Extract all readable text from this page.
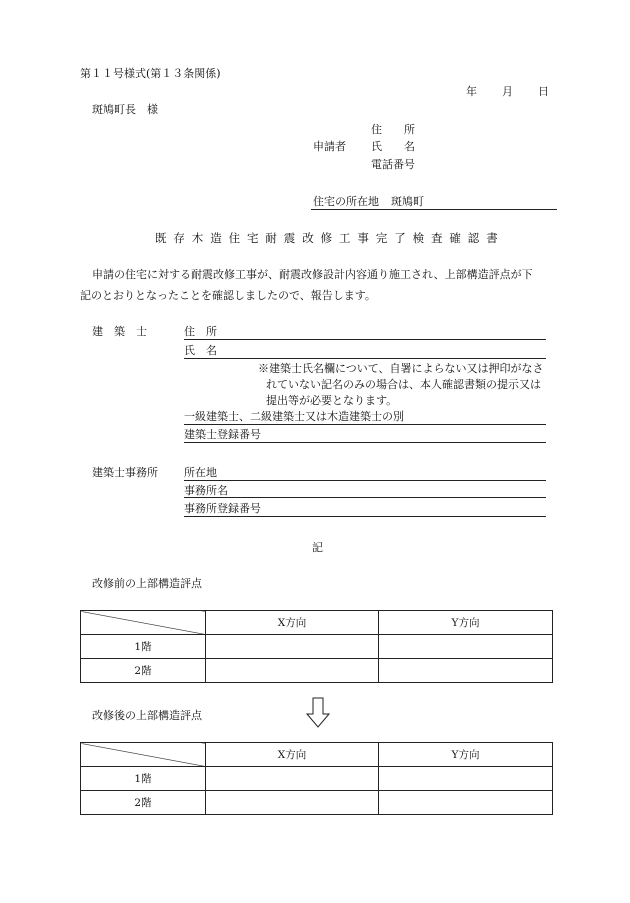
第１１号様式(第１３条関係)
年 月 日
斑鳩町長　様
住　　所
申請者 氏　　名
電話番号
住宅の所在地 斑鳩町
既存木造住宅耐震改修工事完了検査確認書
申請の住宅に対する耐震改修工事が、耐震改修設計内容通り施工され、上部構造評点が下
記のとおりとなったことを確認しましたので、報告します。
建　築　士	住　所
氏　名
※建築士氏名欄について、自署によらない又は押印がなさ
れていない記名のみの場合は、本人確認書類の提示又は
提出等が必要となります。
一級建築士、二級建築士又は木造建築士の別
建築士登録番号
建築士事務所 所在地
事務所名
事務所登録番号
記
改修前の上部構造評点
	X方向	Y方向
1階		
2階		
改修後の上部構造評点
	X方向	Y方向
1階		
2階		
